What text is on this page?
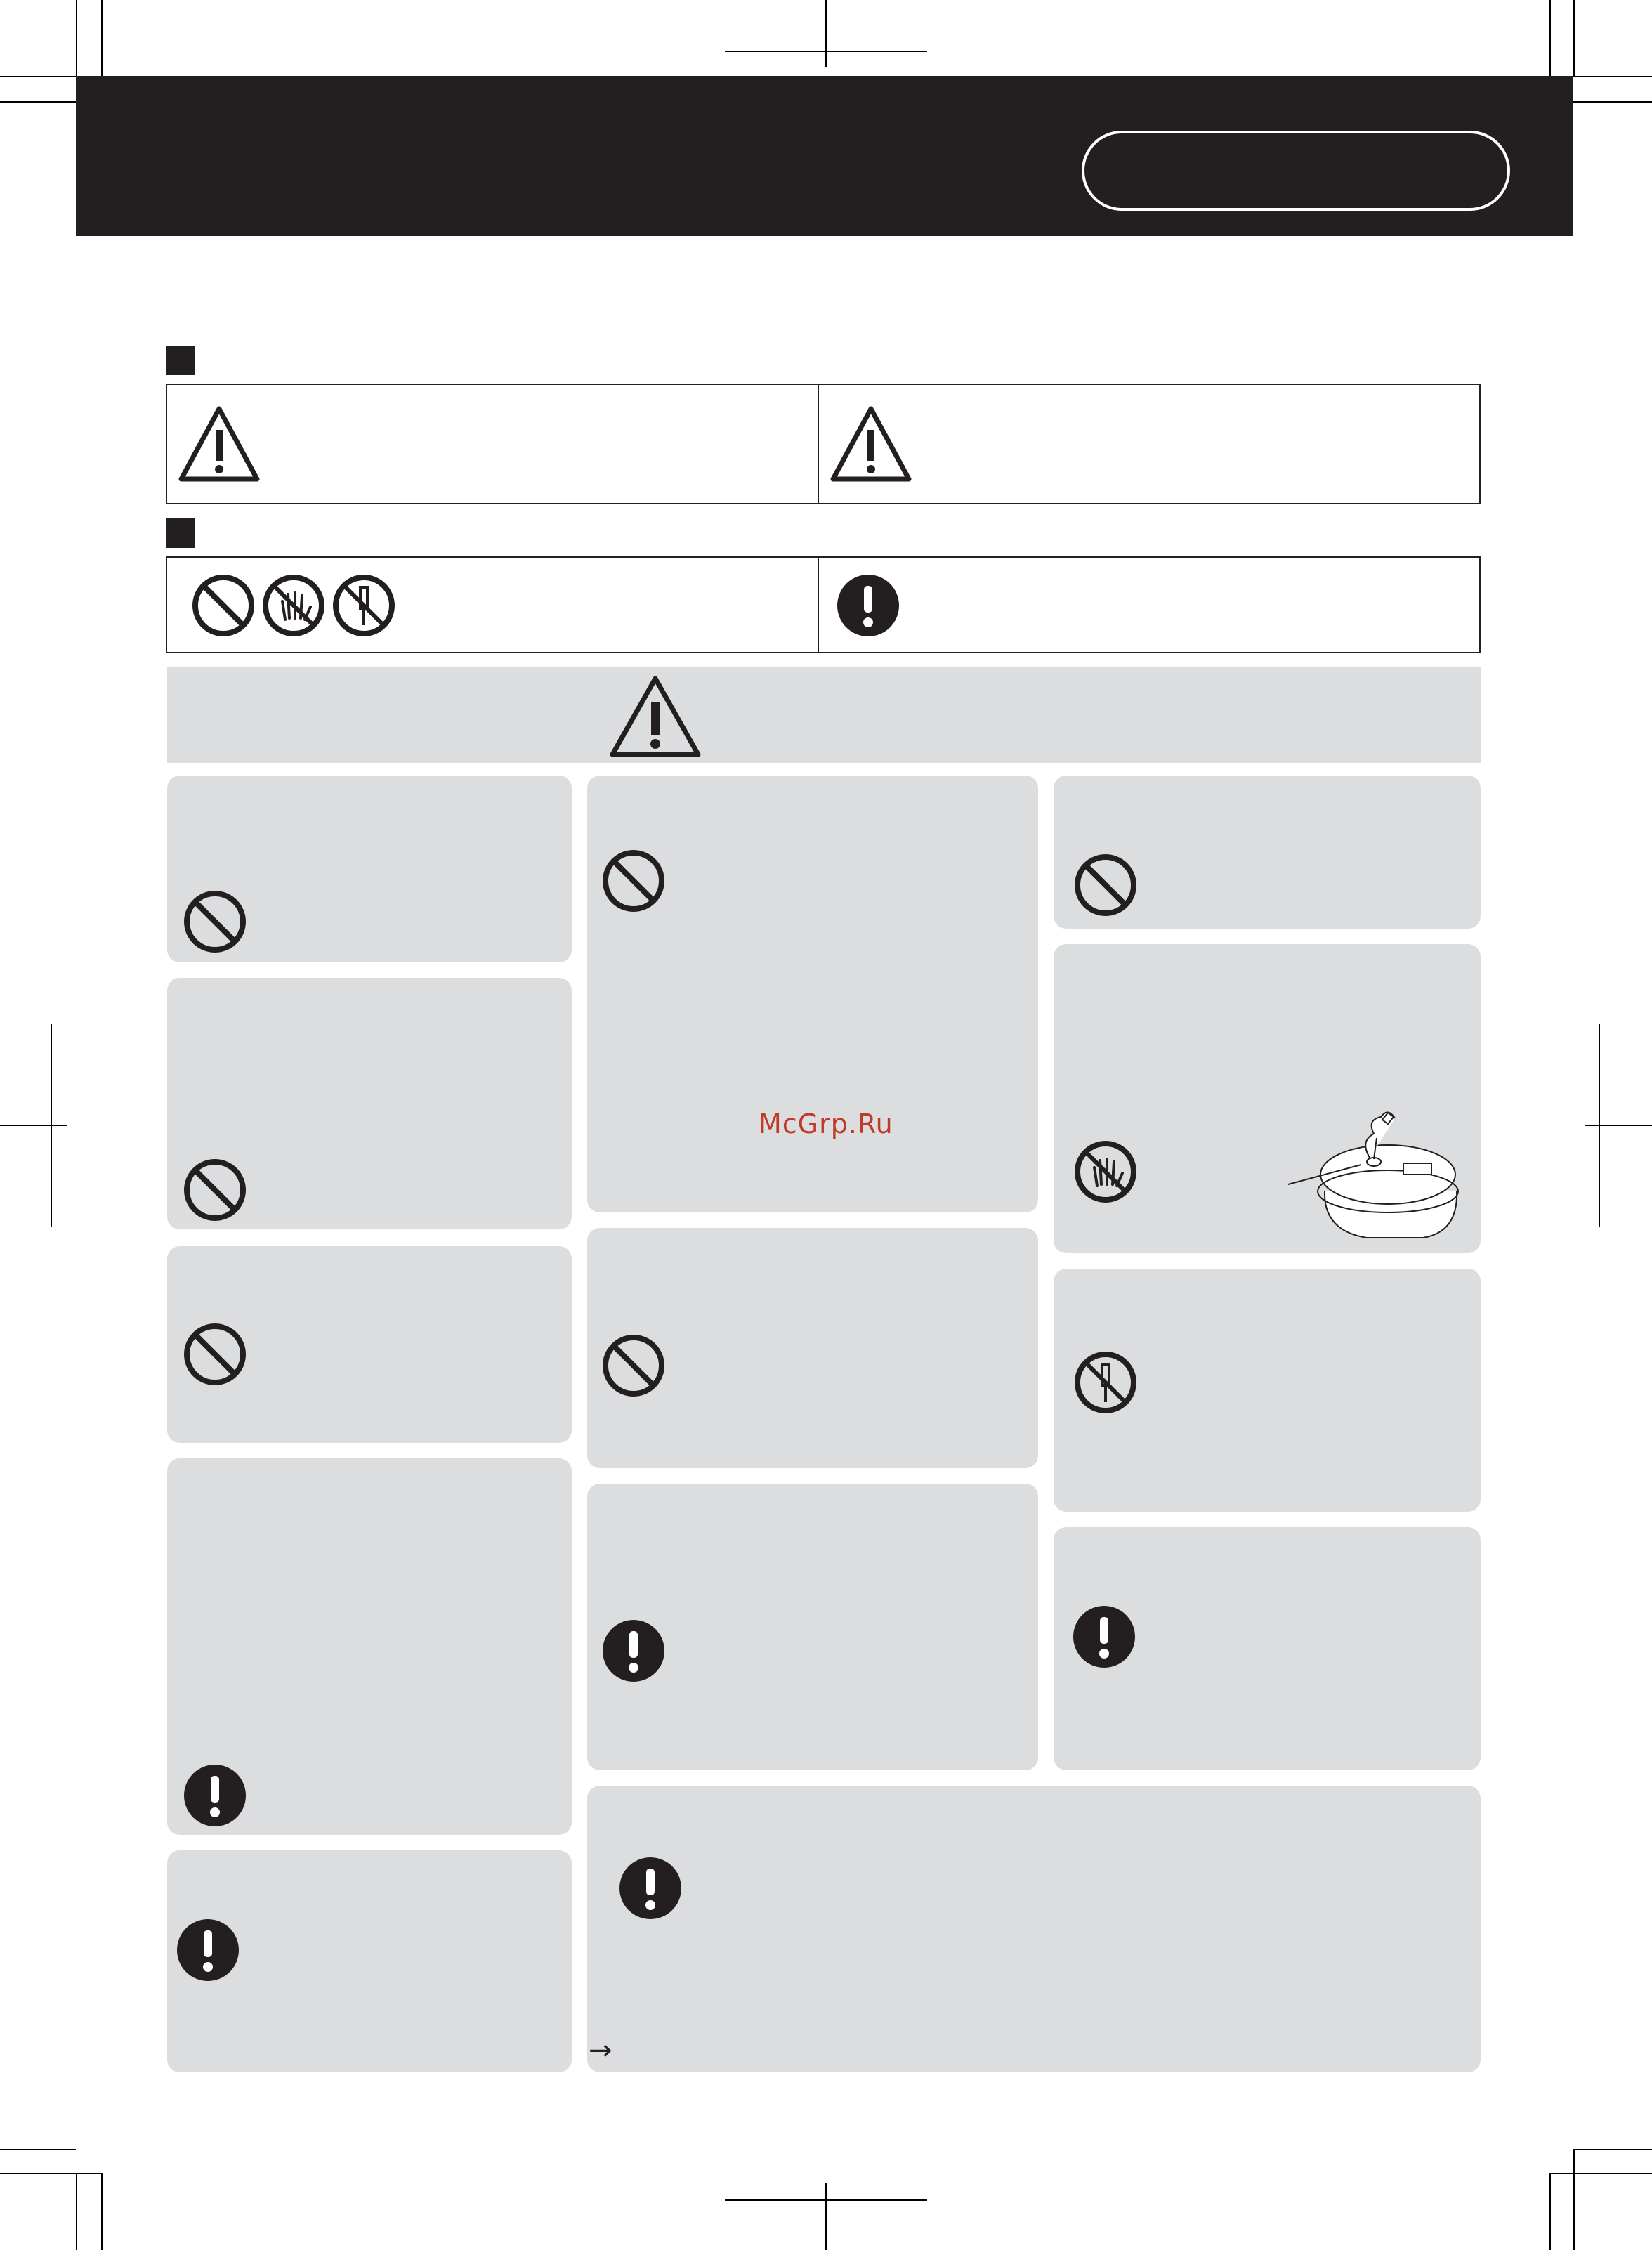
McGrp.Ru
→
